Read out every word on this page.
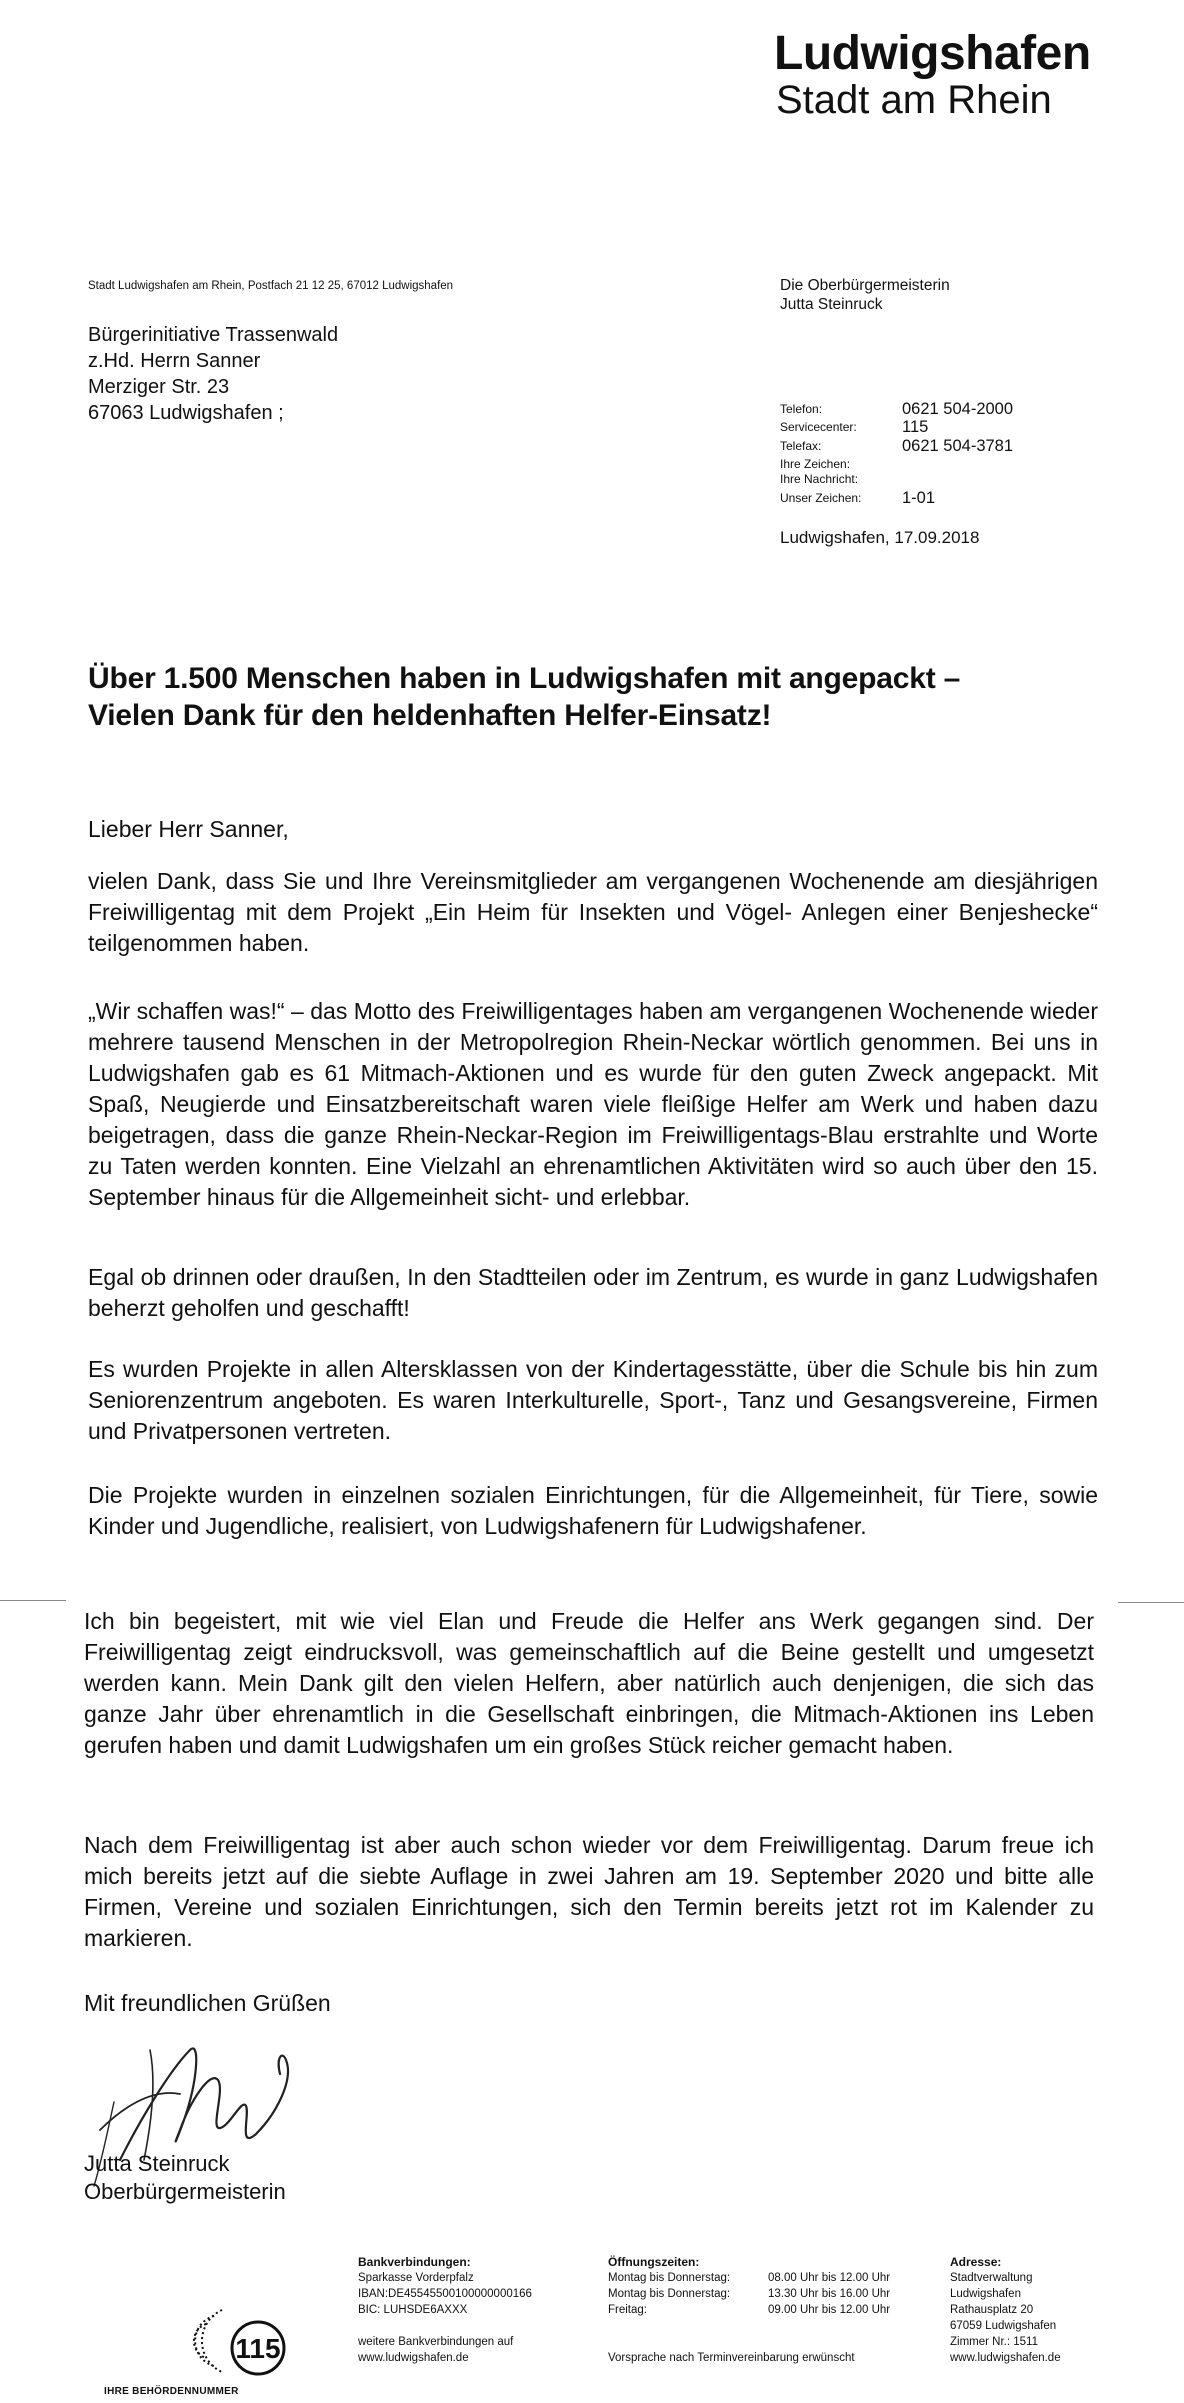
Ludwigshafen
Stadt am Rhein
Stadt Ludwigshafen am Rhein, Postfach 21 12 25, 67012 Ludwigshafen
Bürgerinitiative Trassenwald
z.Hd. Herrn Sanner
Merziger Str. 23
67063 Ludwigshafen ;
Die Oberbürgermeisterin
Jutta Steinruck
Telefon:	0621 504-2000
Servicecenter:	115
Telefax:	0621 504-3781
Ihre Zeichen:
Ihre Nachricht:
Unser Zeichen:	1-01
Ludwigshafen, 17.09.2018
Über 1.500 Menschen haben in Ludwigshafen mit angepackt –
Vielen Dank für den heldenhaften Helfer-Einsatz!
Lieber Herr Sanner,
vielen Dank, dass Sie und Ihre Vereinsmitglieder am vergangenen Wochenende am diesjährigen Freiwilligentag mit dem Projekt „Ein Heim für Insekten und Vögel- Anlegen einer Benjeshecke“ teilgenommen haben.
„Wir schaffen was!“ – das Motto des Freiwilligentages haben am vergangenen Wochenende wieder mehrere tausend Menschen in der Metropolregion Rhein-Neckar wörtlich genommen. Bei uns in Ludwigshafen gab es 61 Mitmach-Aktionen und es wurde für den guten Zweck angepackt. Mit Spaß, Neugierde und Einsatzbereitschaft waren viele fleißige Helfer am Werk und haben dazu beigetragen, dass die ganze Rhein-Neckar-Region im Freiwilligentags-Blau erstrahlte und Worte zu Taten werden konnten. Eine Vielzahl an ehrenamtlichen Aktivitäten wird so auch über den 15. September hinaus für die Allgemeinheit sicht- und erlebbar.
Egal ob drinnen oder draußen, In den Stadtteilen oder im Zentrum, es wurde in ganz Ludwigshafen beherzt geholfen und geschafft!
Es wurden Projekte in allen Altersklassen von der Kindertagesstätte, über die Schule bis hin zum Seniorenzentrum angeboten. Es waren Interkulturelle, Sport-, Tanz und Gesangsvereine, Firmen und Privatpersonen vertreten.
Die Projekte wurden in einzelnen sozialen Einrichtungen, für die Allgemeinheit, für Tiere, sowie Kinder und Jugendliche, realisiert, von Ludwigshafenern für Ludwigshafener.
Ich bin begeistert, mit wie viel Elan und Freude die Helfer ans Werk gegangen sind. Der Freiwilligentag zeigt eindrucksvoll, was gemeinschaftlich auf die Beine gestellt und umgesetzt werden kann. Mein Dank gilt den vielen Helfern, aber natürlich auch denjenigen, die sich das ganze Jahr über ehrenamtlich in die Gesellschaft einbringen, die Mitmach-Aktionen ins Leben gerufen haben und damit Ludwigshafen um ein großes Stück reicher gemacht haben.
Nach dem Freiwilligentag ist aber auch schon wieder vor dem Freiwilligentag. Darum freue ich mich bereits jetzt auf die siebte Auflage in zwei Jahren am 19. September 2020 und bitte alle Firmen, Vereine und sozialen Einrichtungen, sich den Termin bereits jetzt rot im Kalender zu markieren.
Mit freundlichen Grüßen
Jutta Steinruck
Oberbürgermeisterin
115
IHRE BEHÖRDENNUMMER
Bankverbindungen:
Sparkasse Vorderpfalz
IBAN:DE45545500100000000166
BIC: LUHSDE6AXXX
weitere Bankverbindungen auf
www.ludwigshafen.de
Öffnungszeiten:
Montag bis Donnerstag:	08.00 Uhr bis 12.00 Uhr
Montag bis Donnerstag:	13.30 Uhr bis 16.00 Uhr
Freitag:	09.00 Uhr bis 12.00 Uhr
Vorsprache nach Terminvereinbarung erwünscht
Adresse:
Stadtverwaltung
Ludwigshafen
Rathausplatz 20
67059 Ludwigshafen
Zimmer Nr.: 1511
www.ludwigshafen.de
